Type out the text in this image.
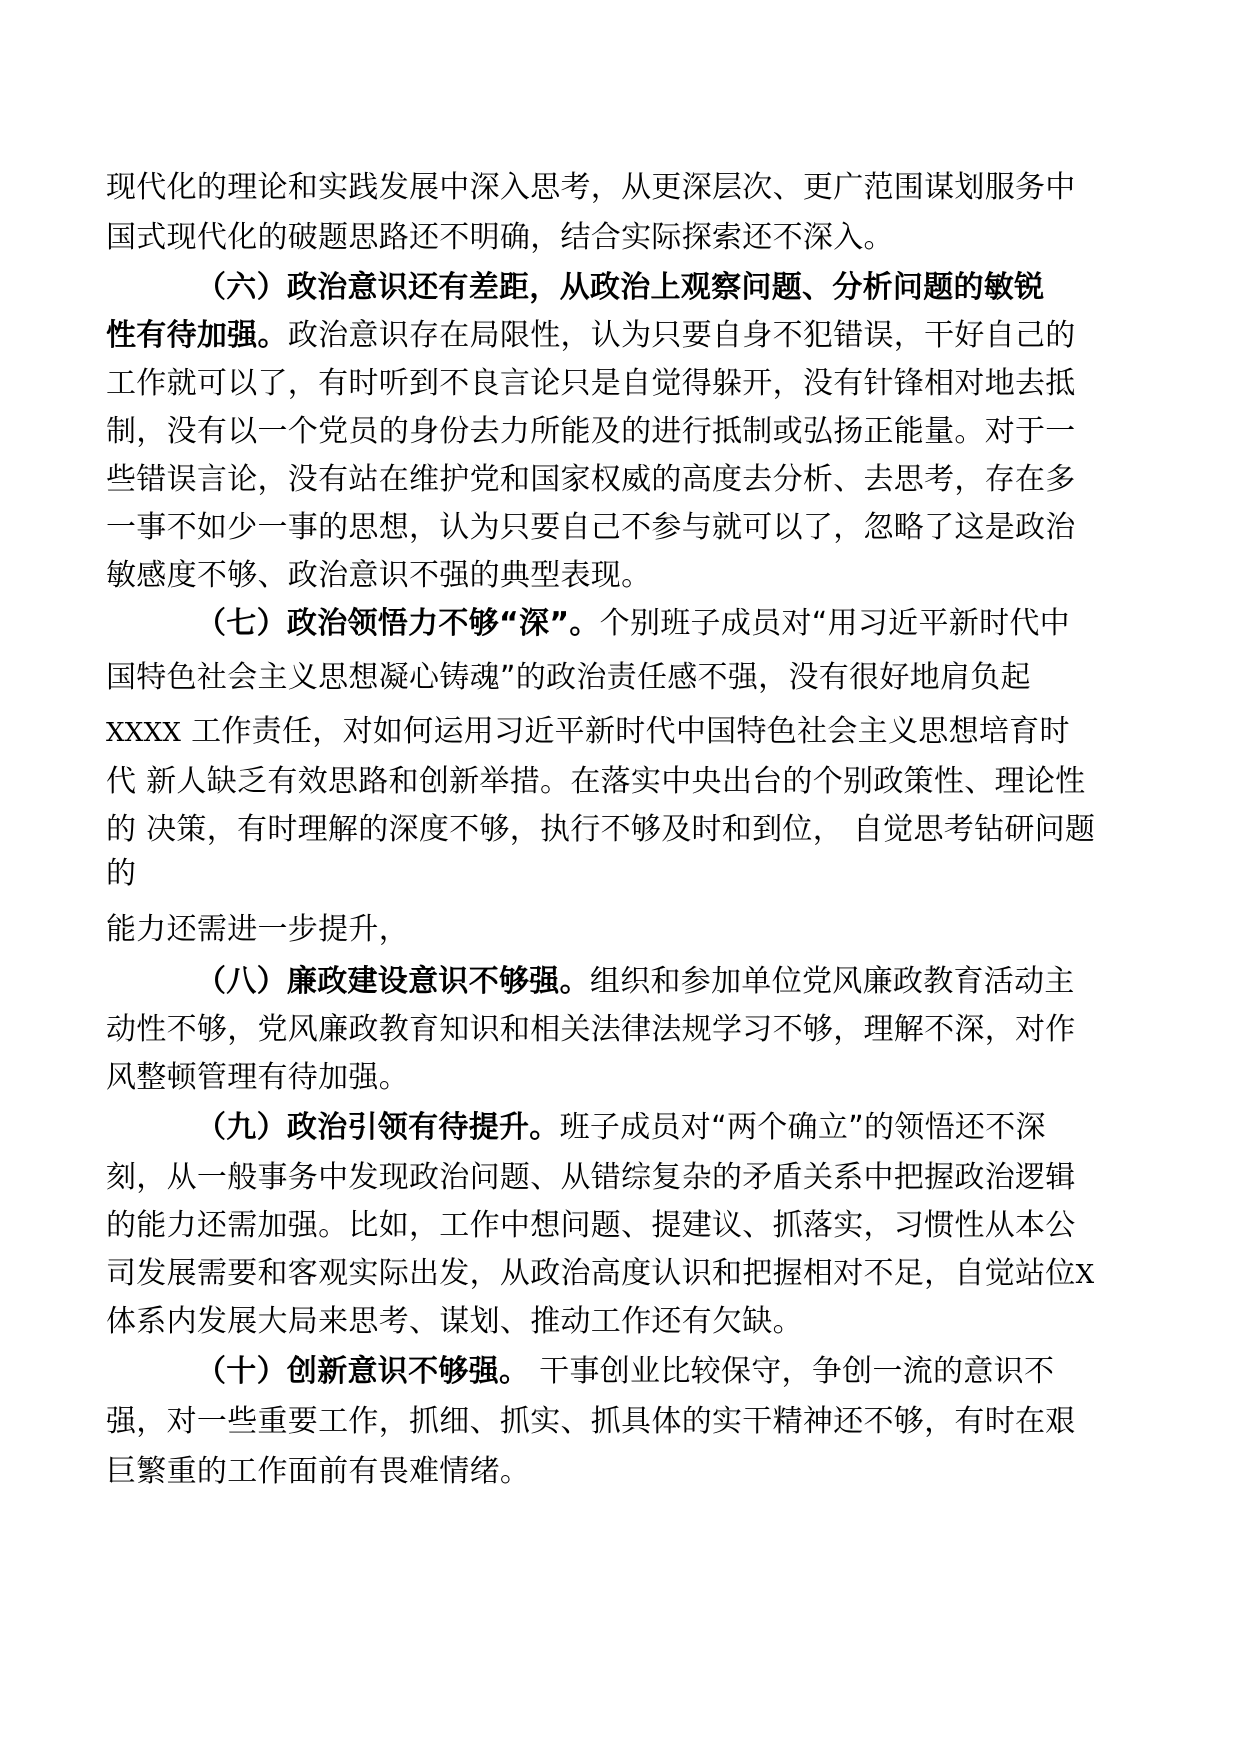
现代化的理论和实践发展中深入思考，从更深层次、更广范围谋划服务中
国式现代化的破题思路还不明确，结合实际探索还不深入。
（六）政治意识还有差距，从政治上观察问题、分析问题的敏锐
性有待加强。政治意识存在局限性，认为只要自身不犯错误，干好自己的
工作就可以了，有时听到不良言论只是自觉得躲开，没有针锋相对地去抵
制，没有以一个党员的身份去力所能及的进行抵制或弘扬正能量。对于一
些错误言论，没有站在维护党和国家权威的高度去分析、去思考，存在多
一事不如少一事的思想，认为只要自己不参与就可以了，忽略了这是政治
敏感度不够、政治意识不强的典型表现。
（七）政治领悟力不够“深”。个别班子成员对“用习近平新时代中
国特色社会主义思想凝心铸魂”的政治责任感不强，没有很好地肩负起
XXXX 工作责任，对如何运用习近平新时代中国特色社会主义思想培育时
代 新人缺乏有效思路和创新举措。在落实中央出台的个别政策性、理论性
的 决策，有时理解的深度不够，执行不够及时和到位， 自觉思考钻研问题
的
能力还需进一步提升，
（八）廉政建设意识不够强。组织和参加单位党风廉政教育活动主
动性不够，党风廉政教育知识和相关法律法规学习不够，理解不深，对作
风整顿管理有待加强。
（九）政治引领有待提升。班子成员对“两个确立”的领悟还不深
刻，从一般事务中发现政治问题、从错综复杂的矛盾关系中把握政治逻辑
的能力还需加强。比如，工作中想问题、提建议、抓落实，习惯性从本公
司发展需要和客观实际出发，从政治高度认识和把握相对不足，自觉站位X
体系内发展大局来思考、谋划、推动工作还有欠缺。
（十）创新意识不够强。 干事创业比较保守，争创一流的意识不
强，对一些重要工作，抓细、抓实、抓具体的实干精神还不够，有时在艰
巨繁重的工作面前有畏难情绪。
